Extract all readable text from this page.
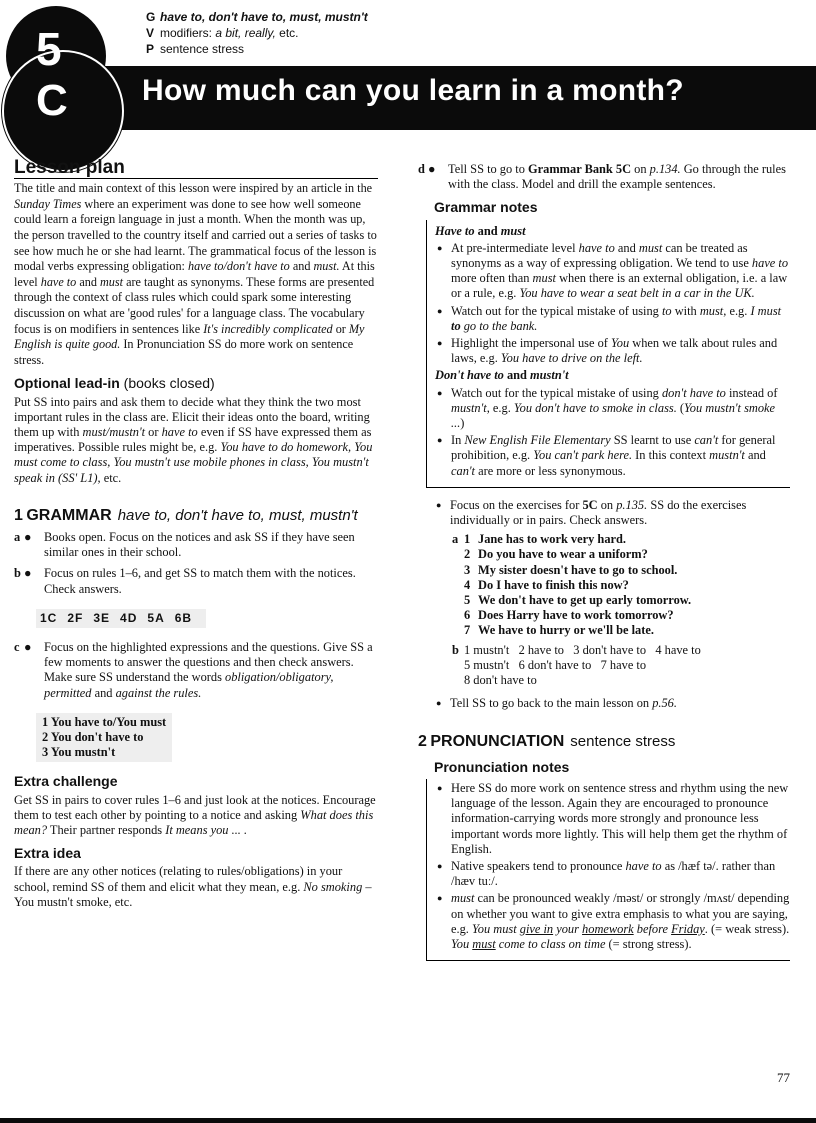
5
C How much can you learn in a month?
G have to, don't have to, must, mustn't
V modifiers: a bit, really, etc.
P sentence stress
Lesson plan

The title and main context of this lesson were inspired by an article in the Sunday Times where an experiment was done to see how well someone could learn a foreign language in just a month. When the month was up, the person travelled to the country itself and carried out a series of tasks to see how much he or she had learnt. The grammatical focus of the lesson is modal verbs expressing obligation: have to/don't have to and must. At this level have to and must are taught as synonyms. These forms are presented through the context of class rules which could spark some interesting discussion on what are 'good rules' for a language class. The vocabulary focus is on modifiers in sentences like It's incredibly complicated or My English is quite good. In Pronunciation SS do more work on sentence stress.

Optional lead-in (books closed)

Put SS into pairs and ask them to decide what they think the two most important rules in the class are. Elicit their ideas onto the board, writing them up with must/mustn't or have to even if SS have expressed them as imperatives. Possible rules might be, e.g. You have to do homework, You must come to class, You mustn't use mobile phones in class, You mustn't speak in (SS' L1), etc.

1 GRAMMAR have to, don't have to, must, mustn't
a ●	Books open. Focus on the notices and ask SS if they have seen similar ones in their school.
b ●	Focus on rules 1–6, and get SS to match them with the notices. Check answers.
1C 2F 3E 4D 5A 6B
c ●	Focus on the highlighted expressions and the questions. Give SS a few moments to answer the questions and then check answers. Make sure SS understand the words obligation/obligatory, permitted and against the rules.
1 You have to/You must
2 You don't have to
3 You mustn't
Extra challenge

Get SS in pairs to cover rules 1–6 and just look at the notices. Encourage them to test each other by pointing to a notice and asking What does this mean? Their partner responds It means you ... .

Extra idea

If there are any other notices (relating to rules/obligations) in your school, remind SS of them and elicit what they mean, e.g. No smoking – You mustn't smoke, etc.

d ●	Tell SS to go to Grammar Bank 5C on p.134. Go through the rules with the class. Model and drill the example sentences.
Grammar notes
Have to and must
● At pre-intermediate level have to and must can be treated as synonyms as a way of expressing obligation. We tend to use have to more often than must when there is an external obligation, i.e. a law or a rule, e.g. You have to wear a seat belt in a car in the UK.
● Watch out for the typical mistake of using to with must, e.g. I must to go to the bank.
● Highlight the impersonal use of You when we talk about rules and laws, e.g. You have to drive on the left.
Don't have to and mustn't
● Watch out for the typical mistake of using don't have to instead of mustn't, e.g. You don't have to smoke in class. (You mustn't smoke ...)
● In New English File Elementary SS learnt to use can't for general prohibition, e.g. You can't park here. In this context mustn't and can't are more or less synonymous.
● Focus on the exercises for 5C on p.135. SS do the exercises individually or in pairs. Check answers.
a 1 Jane has to work very hard.
2 Do you have to wear a uniform?
3 My sister doesn't have to go to school.
4 Do I have to finish this now?
5 We don't have to get up early tomorrow.
6 Does Harry have to work tomorrow?
7 We have to hurry or we'll be late.
b 1 mustn't 2 have to 3 don't have to 4 have to
5 mustn't 6 don't have to 7 have to
8 don't have to
● Tell SS to go back to the main lesson on p.56.
2 PRONUNCIATION sentence stress
Pronunciation notes
● Here SS do more work on sentence stress and rhythm using the new language of the lesson. Again they are encouraged to pronounce information-carrying words more strongly and pronounce less important words more lightly. This will help them get the rhythm of English.
● Native speakers tend to pronounce have to as /hæf tə/. rather than /hæv tuː/.
● must can be pronounced weakly /məst/ or strongly /mʌst/ depending on whether you want to give extra emphasis to what you are saying, e.g. You must give in your homework before Friday. (= weak stress). You must come to class on time (= strong stress).
77
